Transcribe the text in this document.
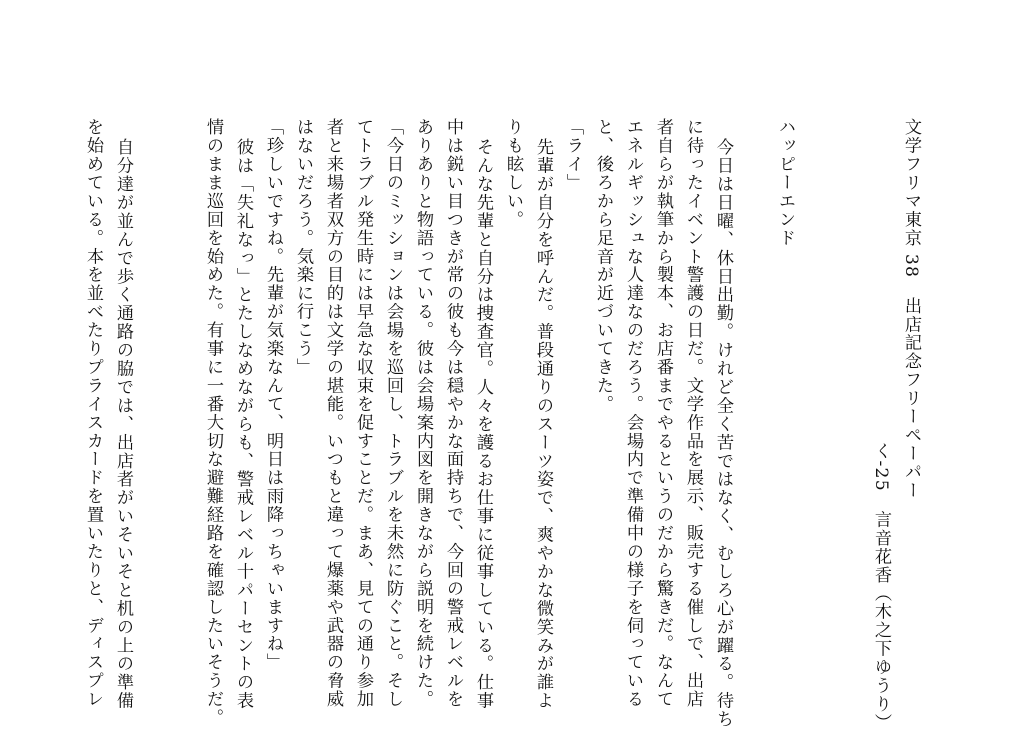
文学フリマ東京 38　出店記念フリーペーパー
く-25　言音花香（木之下ゆうり）
ハッピーエンド
今日は日曜、休日出勤。けれど全く苦ではなく、むしろ心が躍る。待ち
に待ったイベント警護の日だ。文学作品を展示、販売する催しで、出店
者自らが執筆から製本、お店番までやるというのだから驚きだ。なんて
エネルギッシュな人達なのだろう。会場内で準備中の様子を伺っている
と、後ろから足音が近づいてきた。
「ライ」
先輩が自分を呼んだ。普段通りのスーツ姿で、爽やかな微笑みが誰よ
りも眩しい。
そんな先輩と自分は捜査官。人々を護るお仕事に従事している。仕事
中は鋭い目つきが常の彼も今は穏やかな面持ちで、今回の警戒レベルを
ありありと物語っている。彼は会場案内図を開きながら説明を続けた。
「今日のミッションは会場を巡回し、トラブルを未然に防ぐこと。そし
てトラブル発生時には早急な収束を促すことだ。まあ、見ての通り参加
者と来場者双方の目的は文学の堪能。いつもと違って爆薬や武器の脅威
はないだろう。気楽に行こう」
「珍しいですね。先輩が気楽なんて、明日は雨降っちゃいますね」
彼は「失礼なっ」とたしなめながらも、警戒レベル十パーセントの表
情のまま巡回を始めた。有事に一番大切な避難経路を確認したいそうだ。
自分達が並んで歩く通路の脇では、出店者がいそいそと机の上の準備
を始めている。本を並べたりプライスカードを置いたりと、ディスプレ
